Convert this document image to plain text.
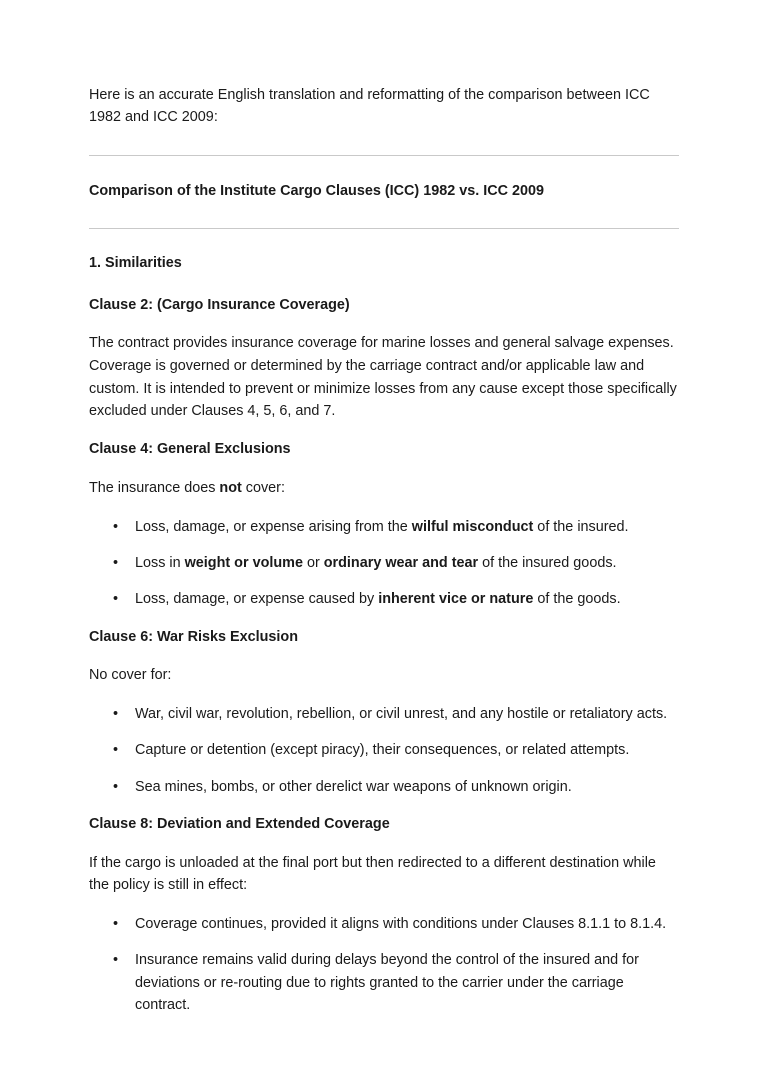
Here is an accurate English translation and reformatting of the comparison between ICC 1982 and ICC 2009:

Comparison of the Institute Cargo Clauses (ICC) 1982 vs. ICC 2009

1. Similarities
Clause 2: (Cargo Insurance Coverage)

The contract provides insurance coverage for marine losses and general salvage expenses. Coverage is governed or determined by the carriage contract and/or applicable law and custom. It is intended to prevent or minimize losses from any cause except those specifically excluded under Clauses 4, 5, 6, and 7.

Clause 4: General Exclusions

The insurance does not cover:

• Loss, damage, or expense arising from the wilful misconduct of the insured.
• Loss in weight or volume or ordinary wear and tear of the insured goods.
• Loss, damage, or expense caused by inherent vice or nature of the goods.
Clause 6: War Risks Exclusion

No cover for:

• War, civil war, revolution, rebellion, or civil unrest, and any hostile or retaliatory acts.
• Capture or detention (except piracy), their consequences, or related attempts.
• Sea mines, bombs, or other derelict war weapons of unknown origin.
Clause 8: Deviation and Extended Coverage

If the cargo is unloaded at the final port but then redirected to a different destination while the policy is still in effect:

• Coverage continues, provided it aligns with conditions under Clauses 8.1.1 to 8.1.4.
• Insurance remains valid during delays beyond the control of the insured and for deviations or re-routing due to rights granted to the carrier under the carriage contract.
